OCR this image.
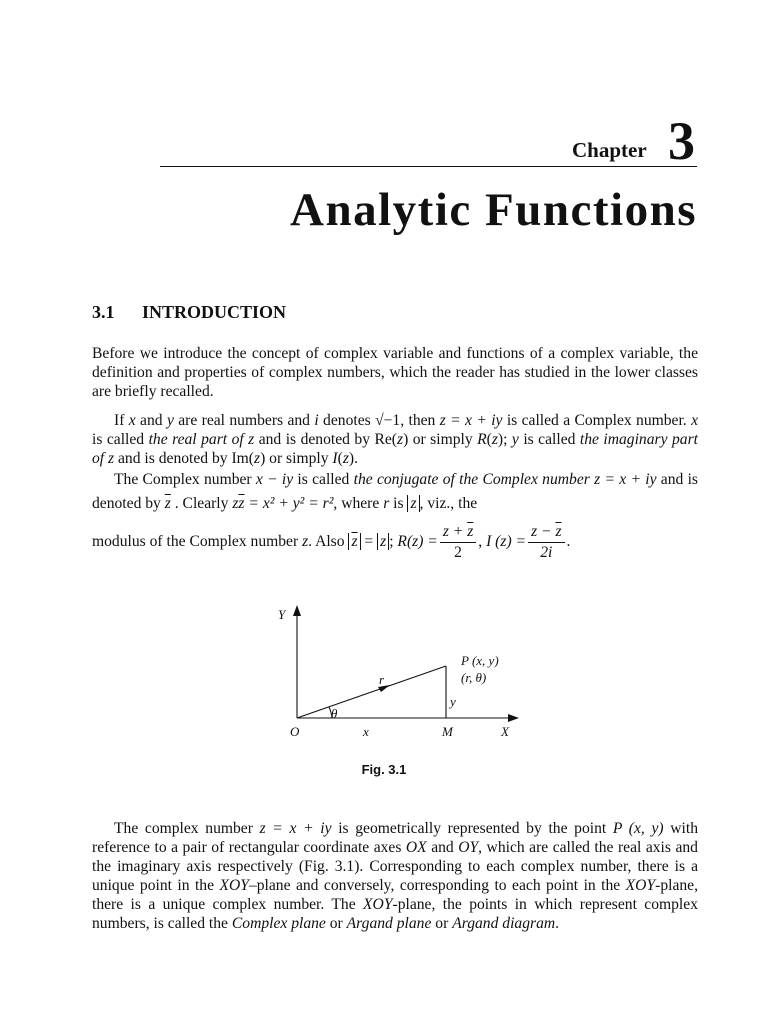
Chapter 3
Analytic Functions
3.1 INTRODUCTION

Before we introduce the concept of complex variable and functions of a complex variable, the definition and properties of complex numbers, which the reader has studied in the lower classes are briefly recalled.

If x and y are real numbers and i denotes √−1, then z = x + iy is called a Complex number. x is called the real part of z and is denoted by Re(z) or simply R(z); y is called the imaginary part of z and is denoted by Im(z) or simply I(z).

The Complex number x − iy is called the conjugate of the Complex number z = x + iy and is denoted by $\overline{z}$ . Clearly $z\overline{z} = x^2 + y^2 = r^2$, where r is z , viz., the

modulus of the Complex number z. Also $\overline{z} = z$ ; $R(z) = \frac{z + \overline{z}}{2}$ , I $(z) = \frac{z - \overline{z}}{2i}$ .

Y
X
O	x	M
r
θ
y
P (x, y)
(r, θ)
Fig. 3.1

The complex number z = x + iy is geometrically represented by the point P (x, y) with reference to a pair of rectangular coordinate axes OX and OY, which are called the real axis and the imaginary axis respectively (Fig. 3.1). Corresponding to each complex number, there is a unique point in the XOY–plane and conversely, corresponding to each point in the XOY-plane, there is a unique complex number. The XOY-plane, the points in which represent complex numbers, is called the Complex plane or Argand plane or Argand diagram.
